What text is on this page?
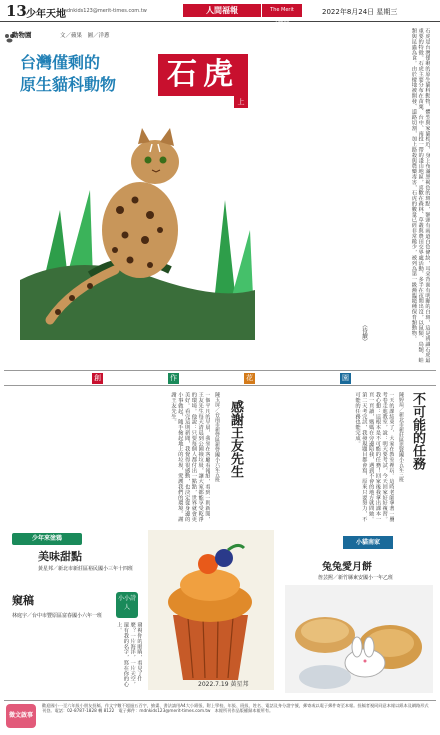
13 少年天地
mdnkids123@merit-times.com.tw	人間福報	The Merit Times
2022年8月24日 星期三
動物園	文／蘋果　圖／洋蔥
台灣僅剩的
原生貓科動物	石虎
上	石虎是台灣僅剩的原生貓科動物，體型與家貓相近，身上布滿黑褐色的斑點，額頭有兩道白色條紋，耳朵背面有明顯的白斑，這是辨識石虎最重要的特徵。石虎主要分布在苗栗、台中、南投一帶的淺山地區，喜歡在森林、草叢與農田交界處活動，多半在夜間出沒，以鼠類、鳥類、蛙類與昆蟲為食。由於棲地被開發、道路切割，加上路殺與農藥毒害，石虎的數量已經非常稀少，被列為第一級瀕臨絕種保育類動物。
（待續）
創	作	花	園
不可能的任務
陳婷瑄／新北市新莊區思賢國小五年三班
一天的課結束了，大家在教室裡玩。這時老師拿著一疊考卷走進教室，說：明天要考試，今天回家好好複習。我心想：這根本是不可能的任務！回家後我拿出課本一頁一頁讀，媽媽在旁邊陪我，遇到不會的地方就問她。第二天考完試，我發現題目都會寫，原來只要努力，不可能的任務也能完成。
感謝王友先生
陳玉屏／台南市新營區新營國小六年五班
一個平凡的早晨，我坐在客廳看報紙，看到一則新聞，王友先生每天清晨到公園撿垃圾，讓大家都能享受乾淨的環境。他說：只要每個人都付出一點點，世界就會更美好。看完這則新聞，我覺得很感動，也決定從身邊的小事做起，隨手撿起地上的垃圾，愛護我們的環境。謝謝王友先生。
少年來塗鴉
美味甜點
黃星邦／新北市新莊區裕民國小三年十四班
窺稿
林庭宇／台中市豐原區富春國小六年一班
小小詩人
窺視你的眼睛，看見了什麼？一片海洋，一片天空，還有我的名字，寫在你的心上。
2022.7.19 黃星邦
小貓南家
兔兔愛月餅
詹芸熙／新竹縣東安國小一年乙班
徵文啟事
歡迎國小一至六年級小朋友投稿，作文字數不超過五百字，繪畫、書法請用A4大小紙張，附上學校、年級、班級、姓名、電話及身分證字號，郵寄或以電子郵件寄至本報。投稿者視同同意本報以紙本及網路形式刊登。電話：02-8787-1828 轉 8122　電子郵件：mdnkids123@merit-times.com.tw　本報所刊作品版權歸本報所有。
